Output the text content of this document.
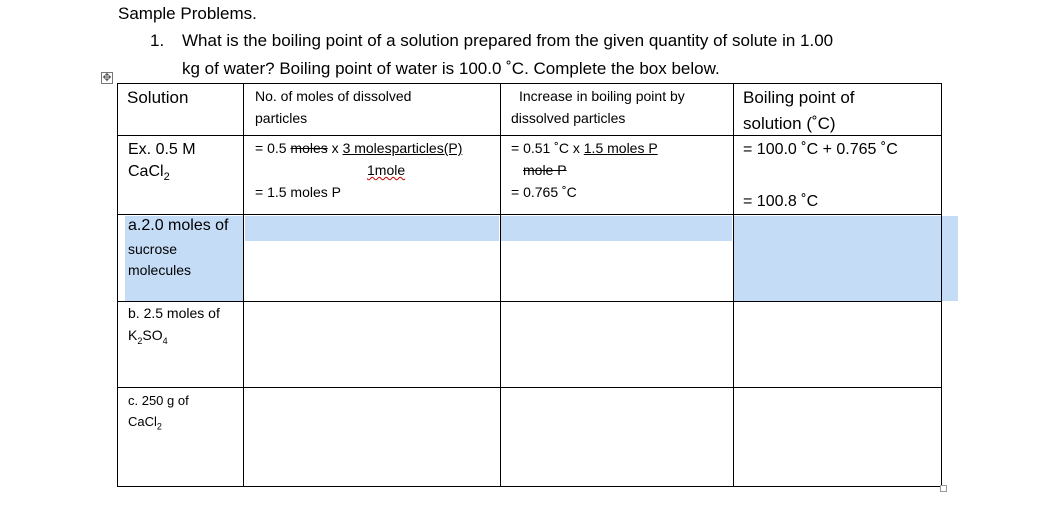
Sample Problems.
1. What is the boiling point of a solution prepared from the given quantity of solute in 1.00
kg of water? Boiling point of water is 100.0 ˚C. Complete the box below.
✥
Solution	No. of moles of dissolved
particles
Increase in boiling point by
dissolved particles
Boiling point of
solution (˚C)
Ex. 0.5 M
CaCl$_2$
= 0.5 moles x 3 molesparticles(P)
1mole
= 1.5 moles P
= 0.51 ˚C x 1.5 moles P
mole P
= 0.765 ˚C
= 100.0 ˚C + 0.765 ˚C
= 100.8 ˚C
a.2.0 moles of
sucrose
molecules
b. 2.5 moles of
$K_2SO_4$
c. 250 g of
CaCl$_2$
